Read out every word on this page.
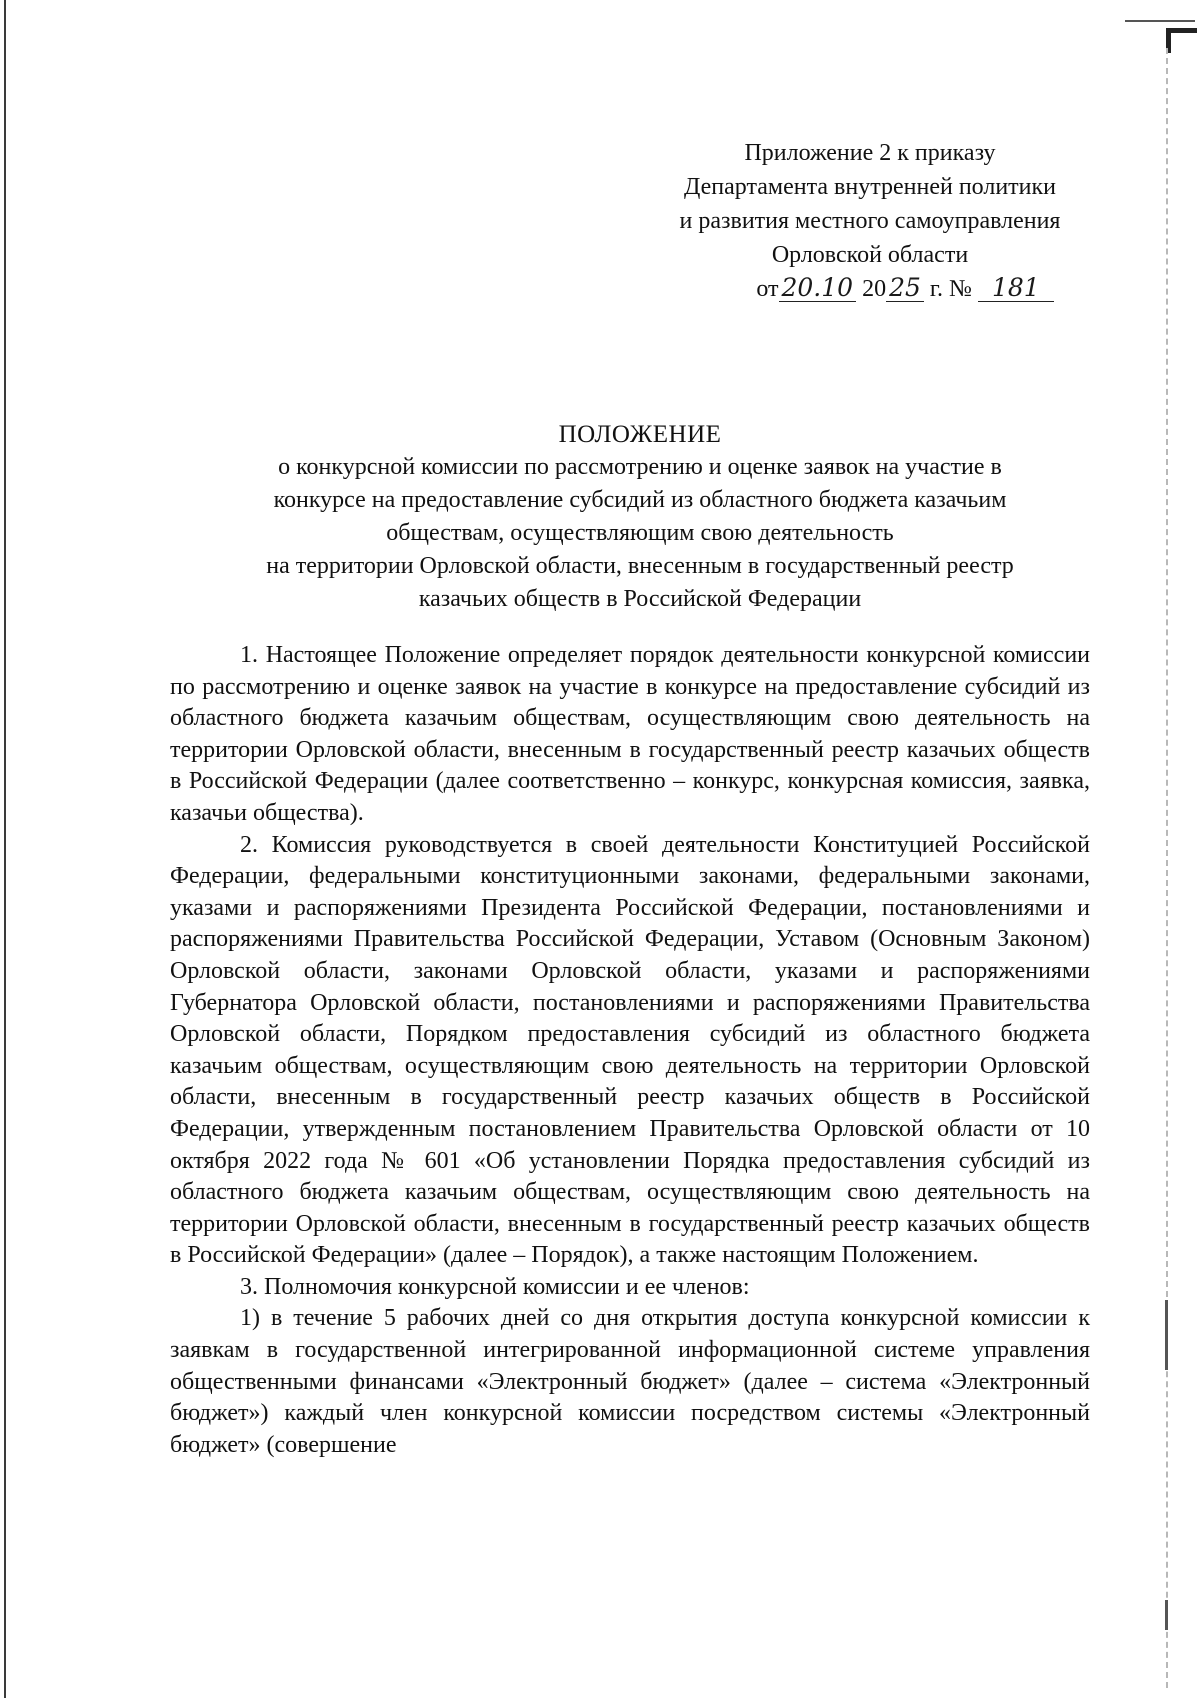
Приложение 2 к приказу
Департамента внутренней политики
и развития местного самоуправления
Орловской области
от 20.10 20 25 г. № 181
ПОЛОЖЕНИЕ
о конкурсной комиссии по рассмотрению и оценке заявок на участие в
конкурсе на предоставление субсидий из областного бюджета казачьим
обществам, осуществляющим свою деятельность
на территории Орловской области, внесенным в государственный реестр
казачьих обществ в Российской Федерации

1. Настоящее Положение определяет порядок деятельности конкурсной комиссии по рассмотрению и оценке заявок на участие в конкурсе на предоставление субсидий из областного бюджета казачьим обществам, осуществляющим свою деятельность на территории Орловской области, внесенным в государственный реестр казачьих обществ в Российской Федерации (далее соответственно – конкурс, конкурсная комиссия, заявка, казачьи общества).

2. Комиссия руководствуется в своей деятельности Конституцией Российской Федерации, федеральными конституционными законами, федеральными законами, указами и распоряжениями Президента Российской Федерации, постановлениями и распоряжениями Правительства Российской Федерации, Уставом (Основным Законом) Орловской области, законами Орловской области, указами и распоряжениями Губернатора Орловской области, постановлениями и распоряжениями Правительства Орловской области, Порядком предоставления субсидий из областного бюджета казачьим обществам, осуществляющим свою деятельность на территории Орловской области, внесенным в государственный реестр казачьих обществ в Российской Федерации, утвержденным постановлением Правительства Орловской области от 10 октября 2022 года № 601 «Об установлении Порядка предоставления субсидий из областного бюджета казачьим обществам, осуществляющим свою деятельность на территории Орловской области, внесенным в государственный реестр казачьих обществ в Российской Федерации» (далее – Порядок), а также настоящим Положением.

3. Полномочия конкурсной комиссии и ее членов:

1) в течение 5 рабочих дней со дня открытия доступа конкурсной комиссии к заявкам в государственной интегрированной информационной системе управления общественными финансами «Электронный бюджет» (далее – система «Электронный бюджет») каждый член конкурсной комиссии посредством системы «Электронный бюджет» (совершение
